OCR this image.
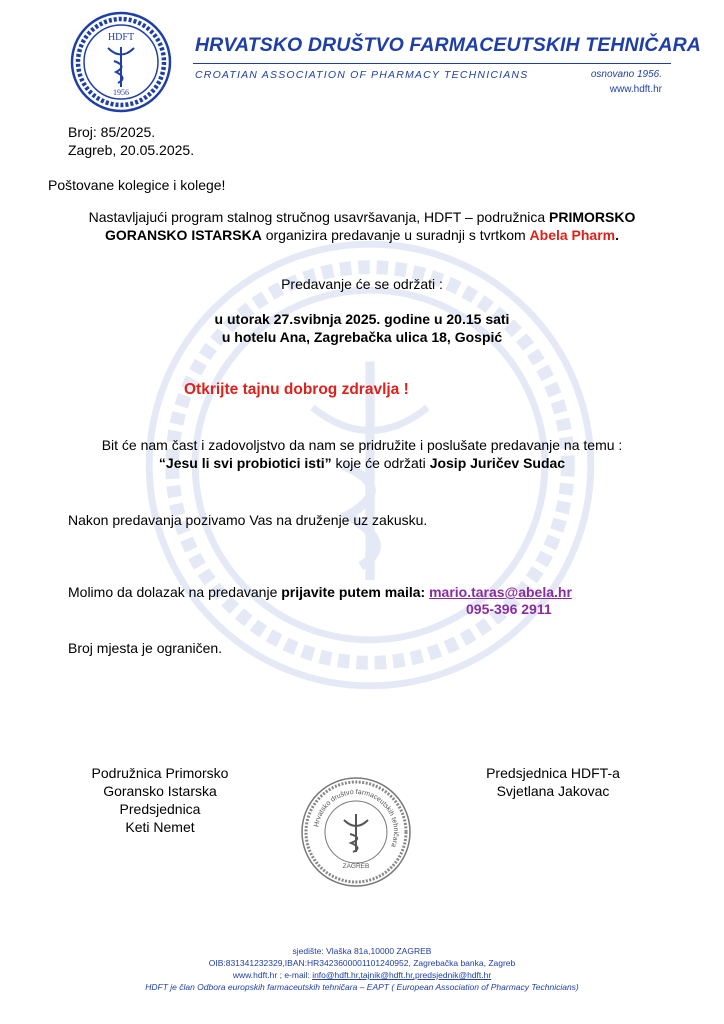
HDFT
1956
HRVATSKO DRUŠTVO FARMACEUTSKIH TEHNIČARA
CROATIAN ASSOCIATION OF PHARMACY TECHNICIANS	osnovano 1956.
www.hdft.hr
Broj: 85/2025.
Zagreb, 20.05.2025.
Poštovane kolegice i kolege!
Nastavljajući program stalnog stručnog usavršavanja, HDFT – podružnica PRIMORSKO
GORANSKO ISTARSKA organizira predavanje u suradnji s tvrtkom Abela Pharm.
Predavanje će se održati :
u utorak 27.svibnja 2025. godine u 20.15 sati
u hotelu Ana, Zagrebačka ulica 18, Gospić
Otkrijte tajnu dobrog zdravlja !
Bit će nam čast i zadovoljstvo da nam se pridružite i poslušate predavanje na temu :
“Jesu li svi probiotici isti” koje će održati Josip Juričev Sudac
Nakon predavanja pozivamo Vas na druženje uz zakusku.
Molimo da dolazak na predavanje prijavite putem maila: mario.taras@abela.hr
095-396 2911
Broj mjesta je ograničen.
Podružnica Primorsko
Goransko Istarska
Predsjednica
Keti Nemet	Hrvatsko društvo farmaceutskih tehničara
ZAGREB
Predsjednica HDFT-a
Svjetlana Jakovac
sjedište: Vlaška 81a,10000 ZAGREB
OIB:831341232329,IBAN:HR3423600001101240952, Zagrebačka banka, Zagreb
www.hdft.hr ; e-mail: info@hdft.hr,tajnik@hdft.hr,predsjednik@hdft.hr
HDFT je član Odbora europskih farmaceutskih tehničara – EAPT ( European Association of Pharmacy Technicians)
